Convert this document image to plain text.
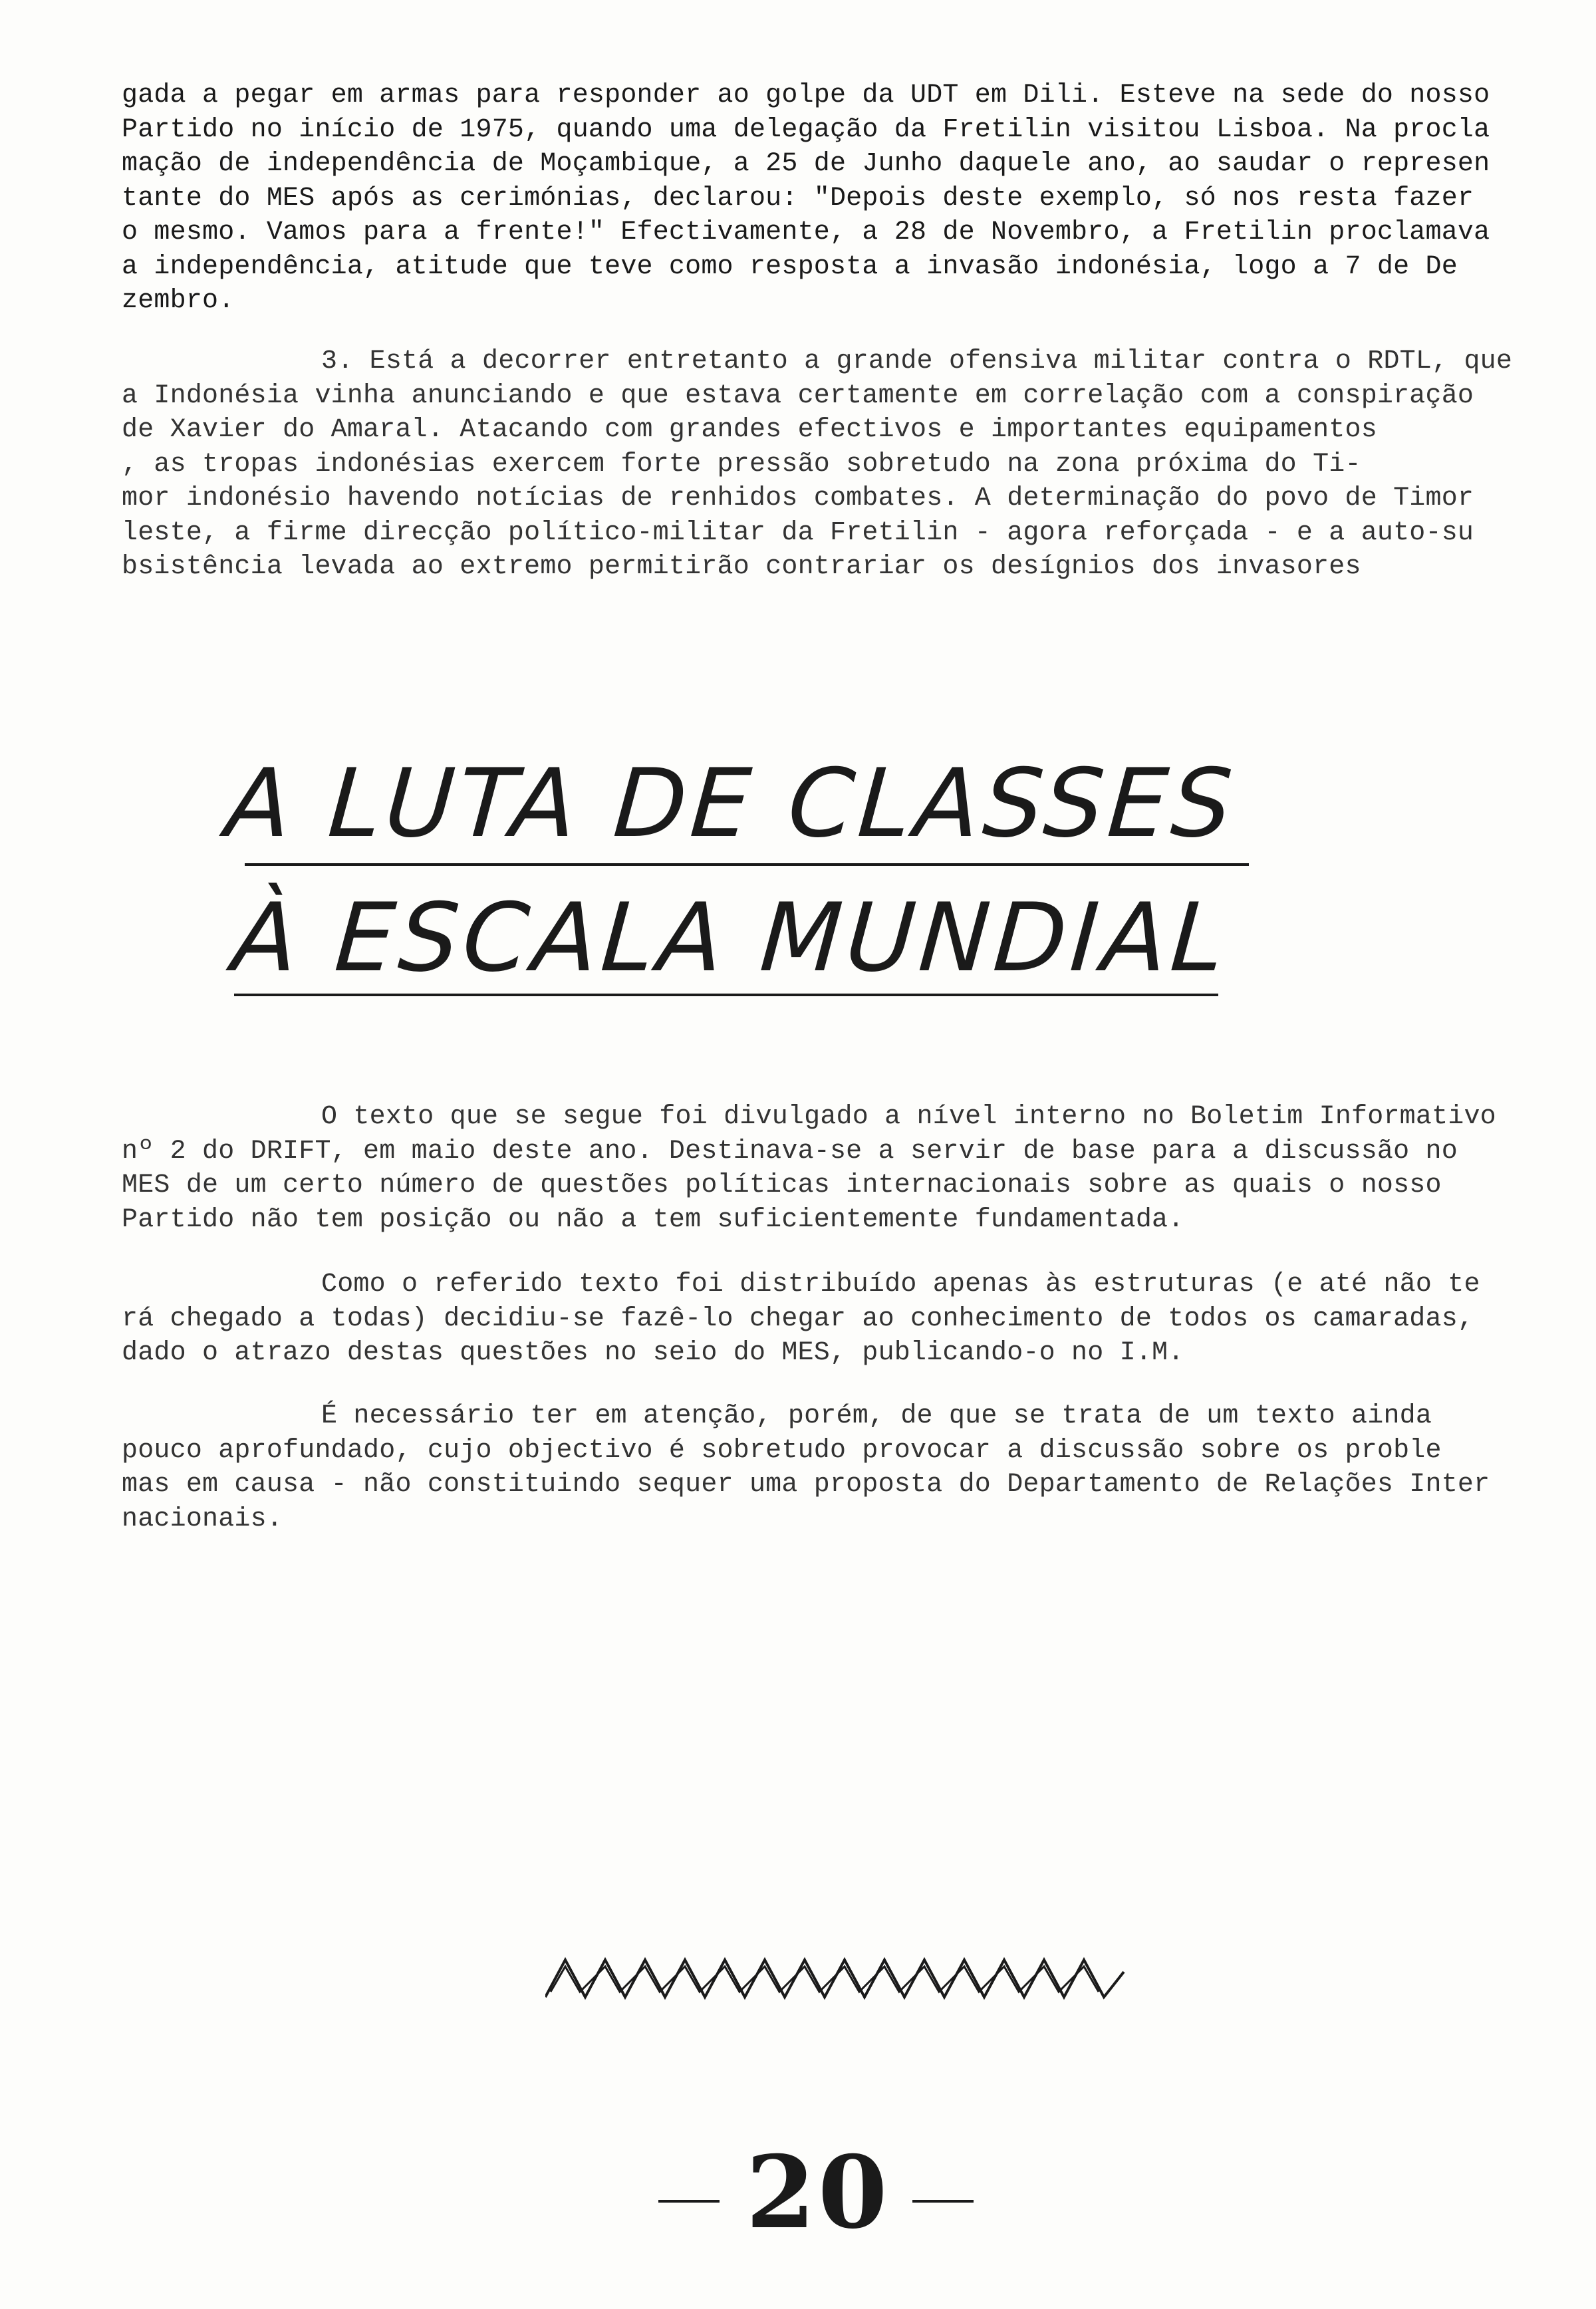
gada a pegar em armas para responder ao golpe da UDT em Dili. Esteve na sede do nosso
Partido no início de 1975, quando uma delegação da Fretilin visitou Lisboa. Na procla
mação de independência de Moçambique, a 25 de Junho daquele ano, ao saudar o represen
tante do MES após as cerimónias, declarou: "Depois deste exemplo, só nos resta fazer
o mesmo. Vamos para a frente!" Efectivamente, a 28 de Novembro, a Fretilin proclamava
a independência, atitude que teve como resposta a invasão indonésia, logo a 7 de De
zembro.
3. Está a decorrer entretanto a grande ofensiva militar contra o RDTL, que
a Indonésia vinha anunciando e que estava certamente em correlação com a conspiração
de Xavier do Amaral. Atacando com grandes efectivos e importantes equipamentos
, as tropas indonésias exercem forte pressão sobretudo na zona próxima do Ti-
mor indonésio havendo notícias de renhidos combates. A determinação do povo de Timor
leste, a firme direcção político-militar da Fretilin - agora reforçada - e a auto-su
bsistência levada ao extremo permitirão contrariar os desígnios dos invasores
A LUTA DE CLASSES
À ESCALA MUNDIAL
O texto que se segue foi divulgado a nível interno no Boletim Informativo
nº 2 do DRIFT, em maio deste ano. Destinava-se a servir de base para a discussão no
MES de um certo número de questões políticas internacionais sobre as quais o nosso
Partido não tem posição ou não a tem suficientemente fundamentada.
Como o referido texto foi distribuído apenas às estruturas (e até não te
rá chegado a todas) decidiu-se fazê-lo chegar ao conhecimento de todos os camaradas,
dado o atrazo destas questões no seio do MES, publicando-o no I.M.
É necessário ter em atenção, porém, de que se trata de um texto ainda
pouco aprofundado, cujo objectivo é sobretudo provocar a discussão sobre os proble
mas em causa - não constituindo sequer uma proposta do Departamento de Relações Inter
nacionais.
20
